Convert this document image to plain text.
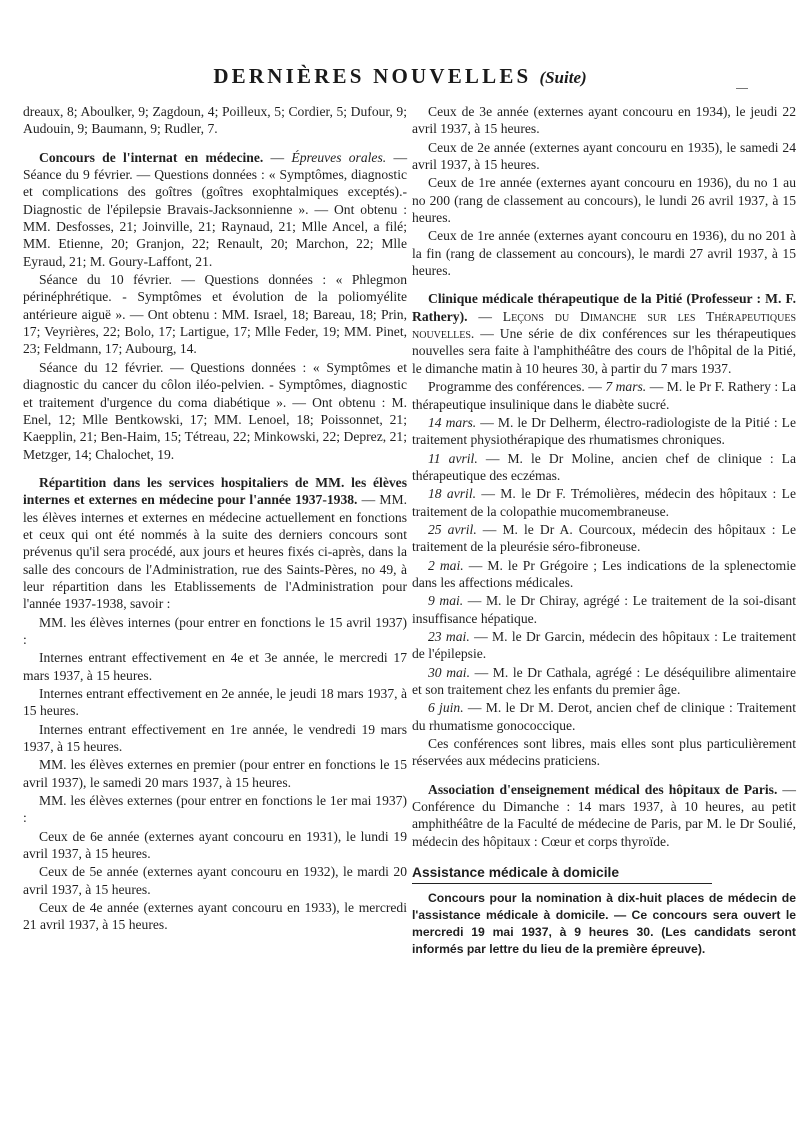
DERNIÈRES NOUVELLES (Suite)

dreaux, 8; Aboulker, 9; Zagdoun, 4; Poilleux, 5; Cordier, 5; Dufour, 9; Audouin, 9; Baumann, 9; Rudler, 7.

Concours de l'internat en médecine. — Épreuves orales. — Séance du 9 février. — Questions données : « Symptômes, diagnostic et complications des goîtres (goîtres exophtalmiques exceptés).- Diagnostic de l'épilepsie Bravais-Jacksonnienne ». — Ont obtenu : MM. Desfosses, 21; Joinville, 21; Raynaud, 21; Mlle Ancel, a filé; MM. Etienne, 20; Granjon, 22; Renault, 20; Marchon, 22; Mlle Eyraud, 21; M. Goury-Laffont, 21.

Séance du 10 février. — Questions données : « Phlegmon périnéphrétique. - Symptômes et évolution de la poliomyélite antérieure aiguë ». — Ont obtenu : MM. Israel, 18; Bareau, 18; Prin, 17; Veyrières, 22; Bolo, 17; Lartigue, 17; Mlle Feder, 19; MM. Pinet, 23; Feldmann, 17; Aubourg, 14.

Séance du 12 février. — Questions données : « Symptômes et diagnostic du cancer du côlon iléo-pelvien. - Symptômes, diagnostic et traitement d'urgence du coma diabétique ». — Ont obtenu : M. Enel, 12; Mlle Bentkowski, 17; MM. Lenoel, 18; Poissonnet, 21; Kaepplin, 21; Ben-Haim, 15; Tétreau, 22; Minkowski, 22; Deprez, 21; Metzger, 14; Chalochet, 19.

Répartition dans les services hospitaliers de MM. les élèves internes et externes en médecine pour l'année 1937-1938. — MM. les élèves internes et externes en médecine actuellement en fonctions et ceux qui ont été nommés à la suite des derniers concours sont prévenus qu'il sera procédé, aux jours et heures fixés ci-après, dans la salle des concours de l'Administration, rue des Saints-Pères, no 49, à leur répartition dans les Etablissements de l'Administration pour l'année 1937-1938, savoir :

MM. les élèves internes (pour entrer en fonctions le 15 avril 1937) :

Internes entrant effectivement en 4e et 3e année, le mercredi 17 mars 1937, à 15 heures.

Internes entrant effectivement en 2e année, le jeudi 18 mars 1937, à 15 heures.

Internes entrant effectivement en 1re année, le vendredi 19 mars 1937, à 15 heures.

MM. les élèves externes en premier (pour entrer en fonctions le 15 avril 1937), le samedi 20 mars 1937, à 15 heures.

MM. les élèves externes (pour entrer en fonctions le 1er mai 1937) :

Ceux de 6e année (externes ayant concouru en 1931), le lundi 19 avril 1937, à 15 heures.

Ceux de 5e année (externes ayant concouru en 1932), le mardi 20 avril 1937, à 15 heures.

Ceux de 4e année (externes ayant concouru en 1933), le mercredi 21 avril 1937, à 15 heures.

Ceux de 3e année (externes ayant concouru en 1934), le jeudi 22 avril 1937, à 15 heures.

Ceux de 2e année (externes ayant concouru en 1935), le samedi 24 avril 1937, à 15 heures.

Ceux de 1re année (externes ayant concouru en 1936), du no 1 au no 200 (rang de classement au concours), le lundi 26 avril 1937, à 15 heures.

Ceux de 1re année (externes ayant concouru en 1936), du no 201 à la fin (rang de classement au concours), le mardi 27 avril 1937, à 15 heures.

Clinique médicale thérapeutique de la Pitié (Professeur : M. F. Rathery). — Leçons du Dimanche sur les Thérapeutiques nouvelles. — Une série de dix conférences sur les thérapeutiques nouvelles sera faite à l'amphithéâtre des cours de l'hôpital de la Pitié, le dimanche matin à 10 heures 30, à partir du 7 mars 1937.

Programme des conférences. — 7 mars. — M. le Pr F. Rathery : La thérapeutique insulinique dans le diabète sucré.

14 mars. — M. le Dr Delherm, électro-radiologiste de la Pitié : Le traitement physiothérapique des rhumatismes chroniques.

11 avril. — M. le Dr Moline, ancien chef de clinique : La thérapeutique des eczémas.

18 avril. — M. le Dr F. Trémolières, médecin des hôpitaux : Le traitement de la colopathie mucomembraneuse.

25 avril. — M. le Dr A. Courcoux, médecin des hôpitaux : Le traitement de la pleurésie séro-fibroneuse.

2 mai. — M. le Pr Grégoire ; Les indications de la splenectomie dans les affections médicales.

9 mai. — M. le Dr Chiray, agrégé : Le traitement de la soi-disant insuffisance hépatique.

23 mai. — M. le Dr Garcin, médecin des hôpitaux : Le traitement de l'épilepsie.

30 mai. — M. le Dr Cathala, agrégé : Le déséquilibre alimentaire et son traitement chez les enfants du premier âge.

6 juin. — M. le Dr M. Derot, ancien chef de clinique : Traitement du rhumatisme gonococcique.

Ces conférences sont libres, mais elles sont plus particulièrement réservées aux médecins praticiens.

Association d'enseignement médical des hôpitaux de Paris. — Conférence du Dimanche : 14 mars 1937, à 10 heures, au petit amphithéâtre de la Faculté de médecine de Paris, par M. le Dr Soulié, médecin des hôpitaux : Cœur et corps thyroïde.

Assistance médicale à domicile

Concours pour la nomination à dix-huit places de médecin de l'assistance médicale à domicile. — Ce concours sera ouvert le mercredi 19 mai 1937, à 9 heures 30. (Les candidats seront informés par lettre du lieu de la première épreuve).
